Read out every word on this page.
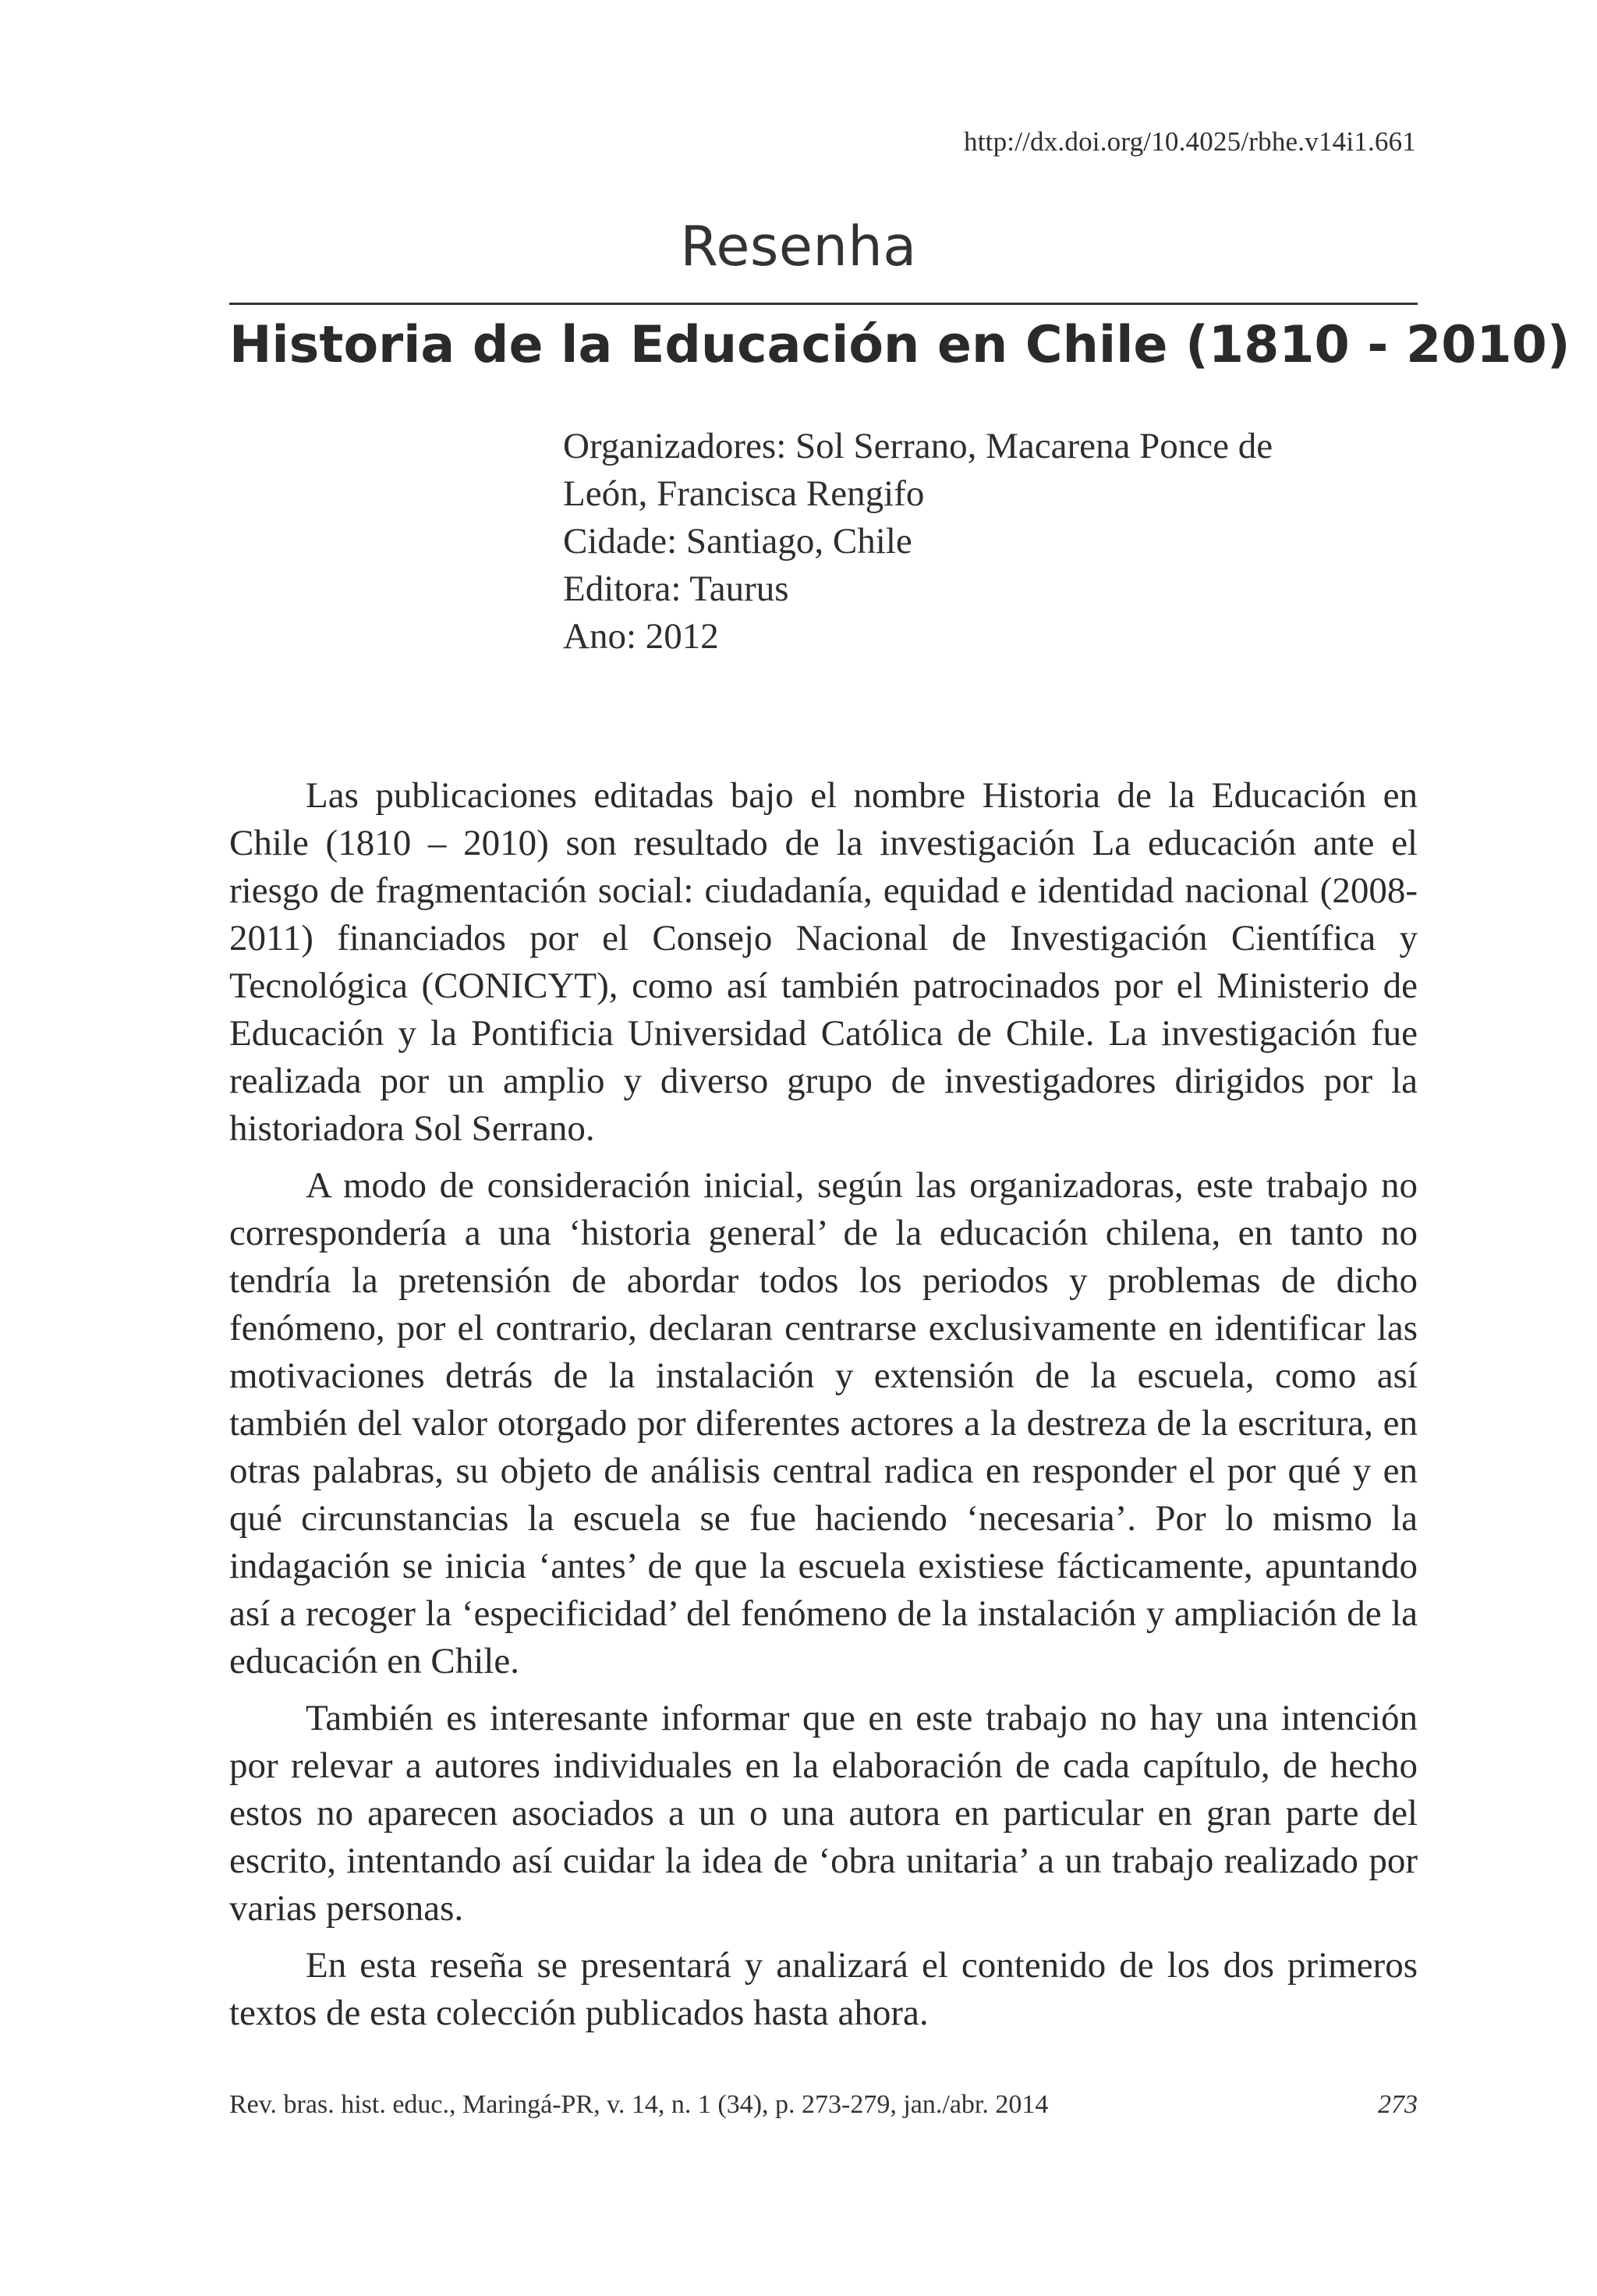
http://dx.doi.org/10.4025/rbhe.v14i1.661
Resenha
Historia de la Educación en Chile (1810 - 2010)
Organizadores: Sol Serrano, Macarena Ponce de
León, Francisca Rengifo
Cidade: Santiago, Chile
Editora: Taurus
Ano: 2012

Las publicaciones editadas bajo el nombre Historia de la Educación en Chile (1810 – 2010) son resultado de la investigación La educación ante el riesgo de fragmentación social: ciudadanía, equidad e identidad nacional (2008-2011) financiados por el Consejo Nacional de Investigación Científica y Tecnológica (CONICYT), como así también patrocinados por el Ministerio de Educación y la Pontificia Universidad Católica de Chile. La investigación fue realizada por un amplio y diverso grupo de investigadores dirigidos por la historiadora Sol Serrano.

A modo de consideración inicial, según las organizadoras, este trabajo no correspondería a una ‘historia general’ de la educación chilena, en tanto no tendría la pretensión de abordar todos los periodos y problemas de dicho fenómeno, por el contrario, declaran centrarse exclusivamente en identificar las motivaciones detrás de la instalación y extensión de la escuela, como así también del valor otorgado por diferentes actores a la destreza de la escritura, en otras palabras, su objeto de análisis central radica en responder el por qué y en qué circunstancias la escuela se fue haciendo ‘necesaria’. Por lo mismo la indagación se inicia ‘antes’ de que la escuela existiese fácticamente, apuntando así a recoger la ‘especificidad’ del fenómeno de la instalación y ampliación de la educación en Chile.

También es interesante informar que en este trabajo no hay una intención por relevar a autores individuales en la elaboración de cada capítulo, de hecho estos no aparecen asociados a un o una autora en particular en gran parte del escrito, intentando así cuidar la idea de ‘obra unitaria’ a un trabajo realizado por varias personas.

En esta reseña se presentará y analizará el contenido de los dos primeros textos de esta colección publicados hasta ahora.

Rev. bras. hist. educ., Maringá-PR, v. 14, n. 1 (34), p. 273-279, jan./abr. 2014	273
